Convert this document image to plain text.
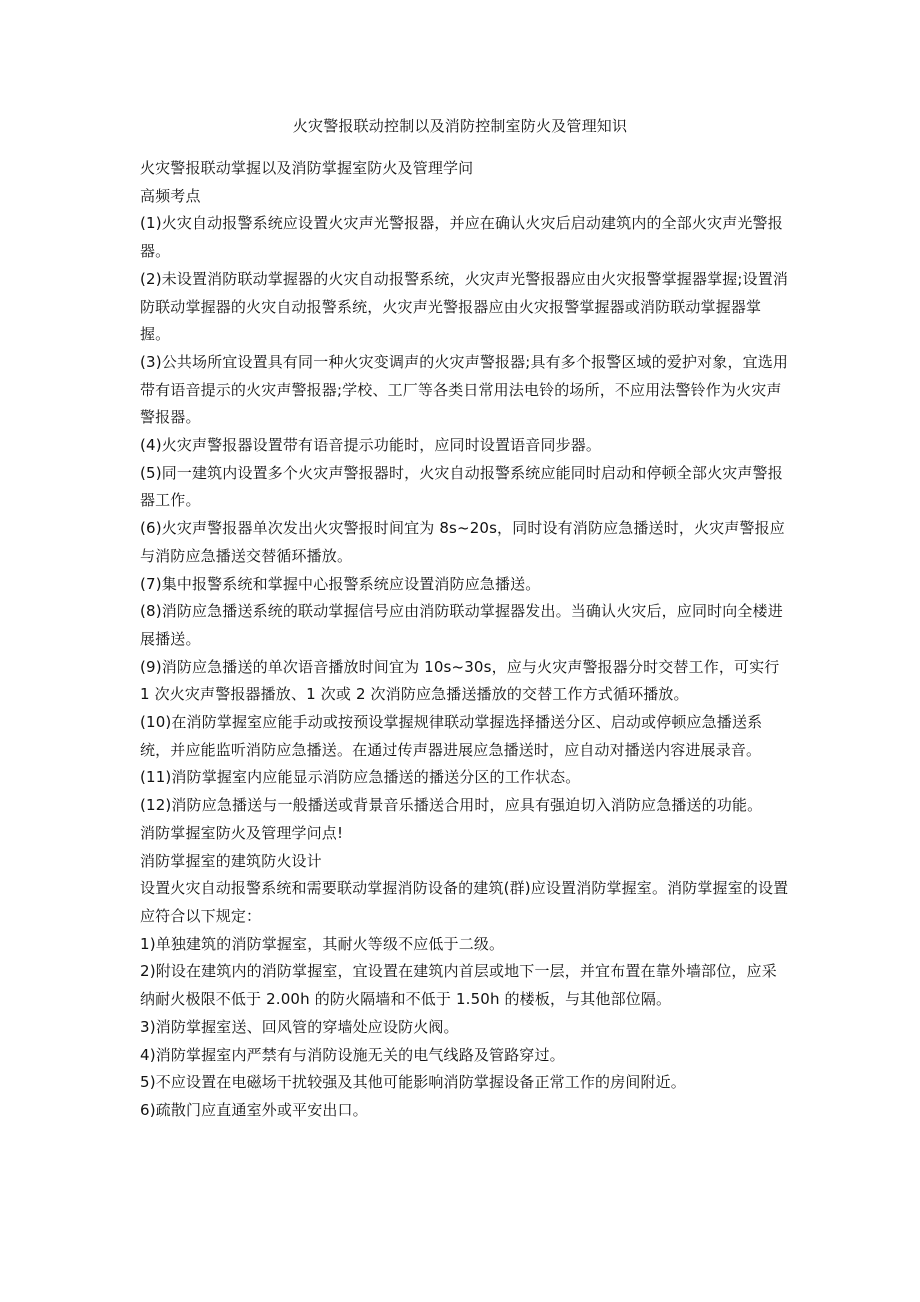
火灾警报联动控制以及消防控制室防火及管理知识

火灾警报联动掌握以及消防掌握室防火及管理学问

高频考点

(1)火灾自动报警系统应设置火灾声光警报器，并应在确认火灾后启动建筑内的全部火灾声光警报器。

(2)未设置消防联动掌握器的火灾自动报警系统，火灾声光警报器应由火灾报警掌握器掌握;设置消防联动掌握器的火灾自动报警系统，火灾声光警报器应由火灾报警掌握器或消防联动掌握器掌握。

(3)公共场所宜设置具有同一种火灾变调声的火灾声警报器;具有多个报警区域的爱护对象，宜选用带有语音提示的火灾声警报器;学校、工厂等各类日常用法电铃的场所，不应用法警铃作为火灾声警报器。

(4)火灾声警报器设置带有语音提示功能时，应同时设置语音同步器。

(5)同一建筑内设置多个火灾声警报器时，火灾自动报警系统应能同时启动和停顿全部火灾声警报器工作。

(6)火灾声警报器单次发出火灾警报时间宜为 8s~20s，同时设有消防应急播送时，火灾声警报应与消防应急播送交替循环播放。

(7)集中报警系统和掌握中心报警系统应设置消防应急播送。

(8)消防应急播送系统的联动掌握信号应由消防联动掌握器发出。当确认火灾后，应同时向全楼进展播送。

(9)消防应急播送的单次语音播放时间宜为 10s~30s，应与火灾声警报器分时交替工作，可实行 1 次火灾声警报器播放、1 次或 2 次消防应急播送播放的交替工作方式循环播放。

(10)在消防掌握室应能手动或按预设掌握规律联动掌握选择播送分区、启动或停顿应急播送系统，并应能监听消防应急播送。在通过传声器进展应急播送时，应自动对播送内容进展录音。

(11)消防掌握室内应能显示消防应急播送的播送分区的工作状态。

(12)消防应急播送与一般播送或背景音乐播送合用时，应具有强迫切入消防应急播送的功能。

消防掌握室防火及管理学问点!

消防掌握室的建筑防火设计

设置火灾自动报警系统和需要联动掌握消防设备的建筑(群)应设置消防掌握室。消防掌握室的设置应符合以下规定：

1)单独建筑的消防掌握室，其耐火等级不应低于二级。

2)附设在建筑内的消防掌握室，宜设置在建筑内首层或地下一层，并宜布置在靠外墙部位，应采纳耐火极限不低于 2.00h 的防火隔墙和不低于 1.50h 的楼板，与其他部位隔。

3)消防掌握室送、回风管的穿墙处应设防火阀。

4)消防掌握室内严禁有与消防设施无关的电气线路及管路穿过。

5)不应设置在电磁场干扰较强及其他可能影响消防掌握设备正常工作的房间附近。

6)疏散门应直通室外或平安出口。
